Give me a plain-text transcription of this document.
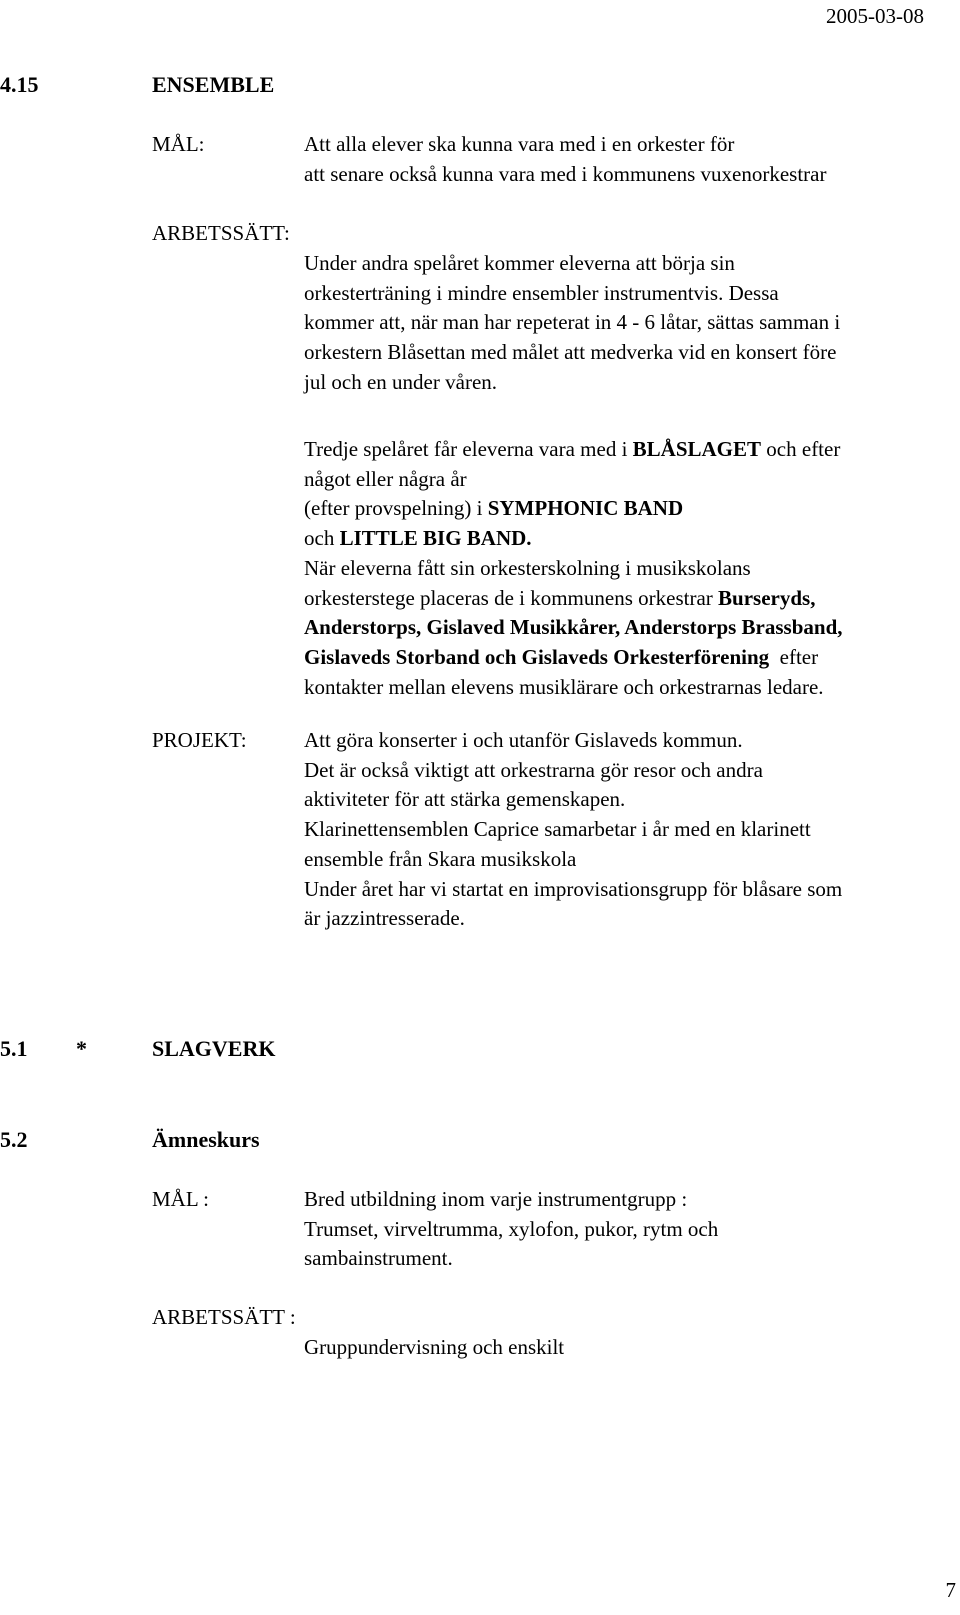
2005-03-08
4.15	ENSEMBLE
MÅL:	Att alla elever ska kunna vara med i en orkester för
att senare också kunna vara med i kommunens vuxenorkestrar
ARBETSSÄTT:
Under andra spelåret kommer eleverna att börja sin
orkesterträning i mindre ensembler instrumentvis. Dessa
kommer att, när man har repeterat in 4 - 6 låtar, sättas samman i
orkestern Blåsettan med målet att medverka vid en konsert före
jul och en under våren.
Tredje spelåret får eleverna vara med i BLÅSLAGET och efter
något eller några år
(efter provspelning) i SYMPHONIC BAND
och LITTLE BIG BAND.
När eleverna fått sin orkesterskolning i musikskolans
orkesterstege placeras de i kommunens orkestrar Burseryds,
Anderstorps, Gislaved Musikkårer, Anderstorps Brassband,
Gislaveds Storband och Gislaveds Orkesterförening  efter
kontakter mellan elevens musiklärare och orkestrarnas ledare.
PROJEKT:	Att göra konserter i och utanför Gislaveds kommun.
Det är också viktigt att orkestrarna gör resor och andra
aktiviteter för att stärka gemenskapen.
Klarinettensemblen Caprice samarbetar i år med en klarinett
ensemble från Skara musikskola
Under året har vi startat en improvisationsgrupp för blåsare som
är jazzintresserade.
5.1 *	SLAGVERK
5.2	Ämneskurs
MÅL :	Bred utbildning inom varje instrumentgrupp :
Trumset, virveltrumma, xylofon, pukor, rytm och
sambainstrument.
ARBETSSÄTT :
Gruppundervisning och enskilt
7
